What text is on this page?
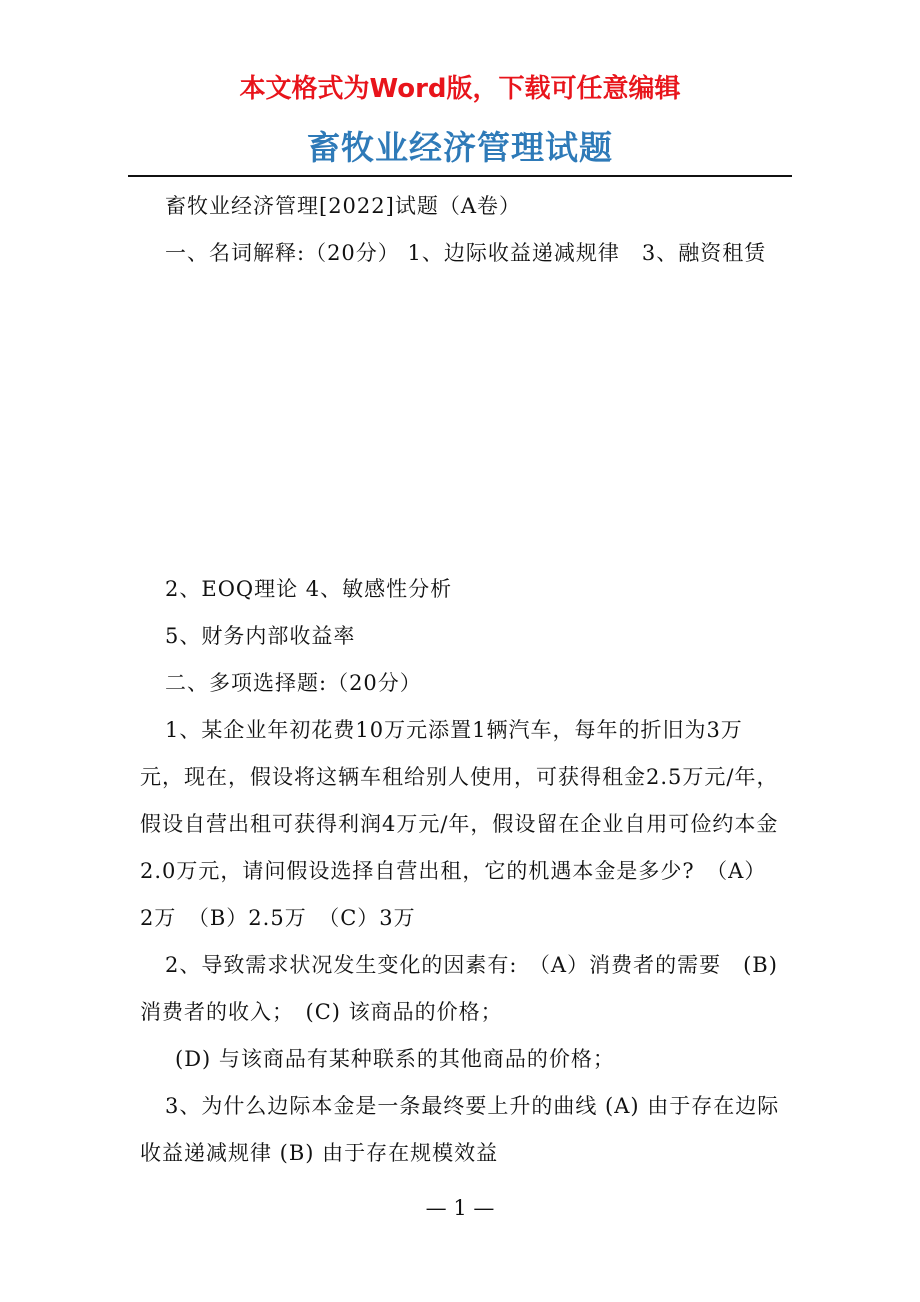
本文格式为Word版，下载可任意编辑
畜牧业经济管理试题

畜牧业经济管理[2022]试题（A卷）

一、名词解释:（20分） 1、边际收益递减规律　3、融资租赁

2、EOQ理论 4、敏感性分析

5、财务内部收益率

二、多项选择题:（20分）

1、某企业年初花费10万元添置1辆汽车，每年的折旧为3万元，现在，假设将这辆车租给别人使用，可获得租金2.5万元/年，假设自营出租可获得利润4万元/年，假设留在企业自用可俭约本金2.0万元，请问假设选择自营出租，它的机遇本金是多少?　（A）2万　（B）2.5万　（C）3万

2、导致需求状况发生变化的因素有:　（A）消费者的需要　(B) 消费者的收入；　(C) 该商品的价格；

(D) 与该商品有某种联系的其他商品的价格；

3、为什么边际本金是一条最终要上升的曲线 (A) 由于存在边际收益递减规律 (B) 由于存在规模效益

— 1 —
